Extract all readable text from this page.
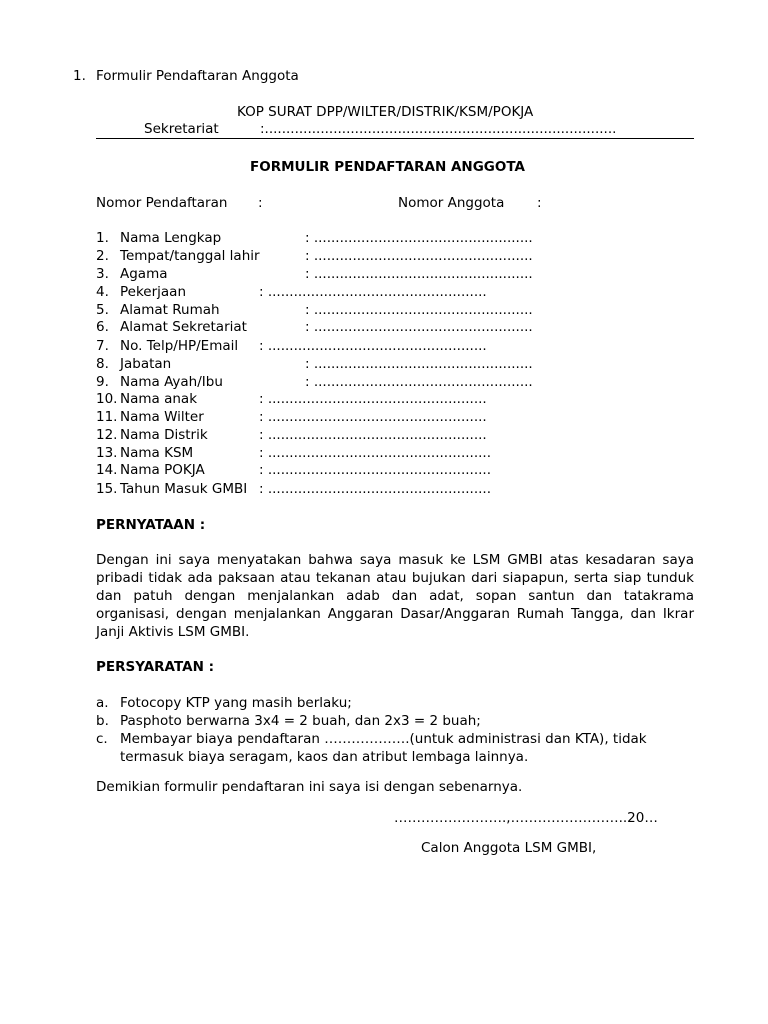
1. Formulir Pendaftaran Anggota
KOP SURAT DPP/WILTER/DISTRIK/KSM/POKJA
Sekretariat	:..................................................................................
FORMULIR PENDAFTARAN ANGGOTA
Nomor Pendaftaran :	Nomor Anggota :
1. Nama Lengkap	: ...................................................
2. Tempat/tanggal lahir	: ...................................................
3. Agama	: ...................................................
4. Pekerjaan	: ...................................................
5. Alamat Rumah	: ...................................................
6. Alamat Sekretariat	: ...................................................
7. No. Telp/HP/Email : ...................................................
8. Jabatan	: ...................................................
9. Nama Ayah/Ibu	: ...................................................
10. Nama anak	: ...................................................
11. Nama Wilter	: ...................................................
12. Nama Distrik	: ...................................................
13. Nama KSM	: ....................................................
14. Nama POKJA	: ....................................................
15. Tahun Masuk GMBI : ....................................................
PERNYATAAN :

Dengan ini saya menyatakan bahwa saya masuk ke LSM GMBI atas kesadaran saya pribadi tidak ada paksaan atau tekanan atau bujukan dari siapapun, serta siap tunduk dan patuh dengan menjalankan adab dan adat, sopan santun dan tatakrama organisasi, dengan menjalankan Anggaran Dasar/Anggaran Rumah Tangga, dan Ikrar Janji Aktivis LSM GMBI.

PERSYARATAN :
a. Fotocopy KTP yang masih berlaku;
b. Pasphoto berwarna 3x4 = 2 buah, dan 2x3 = 2 buah;
c. Membayar biaya pendaftaran ……………….(untuk administrasi dan KTA), tidak
termasuk biaya seragam, kaos dan atribut lembaga lainnya.
Demikian formulir pendaftaran ini saya isi dengan sebenarnya.
…………………….,……………………..20…
Calon Anggota LSM GMBI,
